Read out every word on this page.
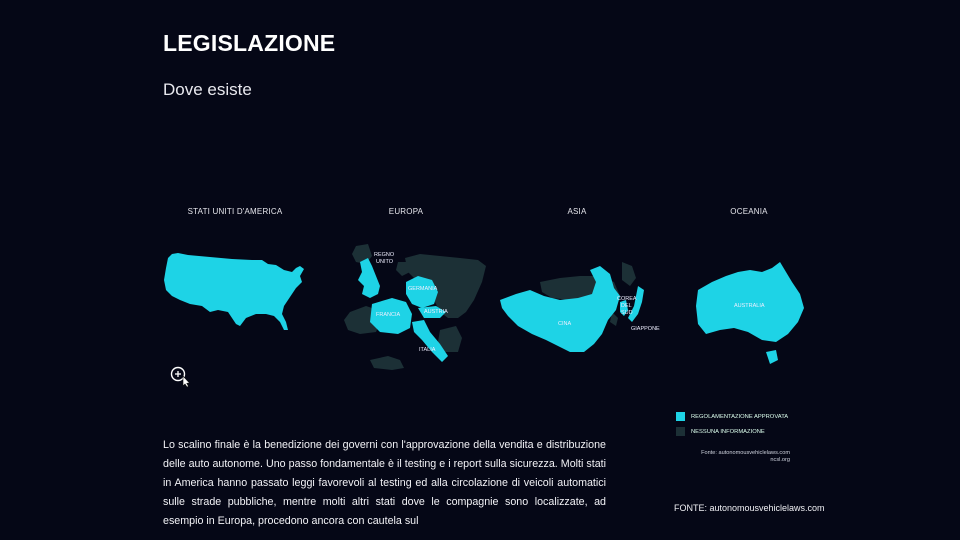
LEGISLAZIONE
Dove esiste
STATI UNITI D'AMERICA	EUROPA	ASIA	OCEANIA
REGNO
UNITO
GERMANIA
FRANCIA	AUSTRIA
ITALIA
CINA
COREA
DEL
SUD
GIAPPONE
AUSTRALIA
REGOLAMENTAZIONE APPROVATA
NESSUNA INFORMAZIONE
Fonte: autonomousvehiclelaws.com
ncsl.org
Lo scalino finale è la benedizione dei governi con l'approvazione della vendita e distribuzione delle auto autonome. Uno passo fondamentale è il testing e i report sulla sicurezza. Molti stati in America hanno passato leggi favorevoli al testing ed alla circolazione di veicoli automatici sulle strade pubbliche, mentre molti altri stati dove le compagnie sono localizzate, ad esempio in Europa, procedono ancora con cautela sul
FONTE: autonomousvehiclelaws.com
